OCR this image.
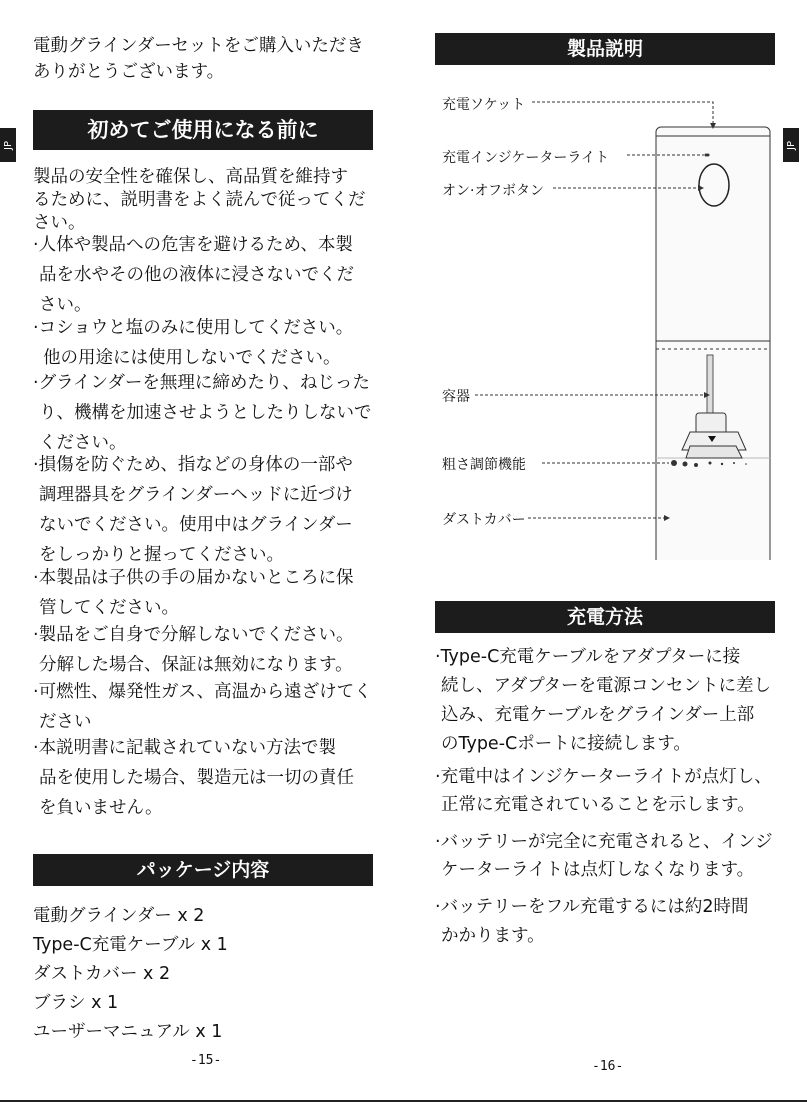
電動グラインダーセットをご購入いただき
ありがとうございます。
JP
初めてご使用になる前に
製品の安全性を確保し、高品質を維持す
るために、説明書をよく読んで従ってくだ
さい。
·人体や製品への危害を避けるため、本製
品を水やその他の液体に浸さないでくだ
さい。
·コショウと塩のみに使用してください。
他の用途には使用しないでください。
·グラインダーを無理に締めたり、ねじった
り、機構を加速させようとしたりしないで
ください。
·損傷を防ぐため、指などの身体の一部や
調理器具をグラインダーヘッドに近づけ
ないでください。使用中はグラインダー
をしっかりと握ってください。
·本製品は子供の手の届かないところに保
管してください。
·製品をご自身で分解しないでください。
分解した場合、保証は無効になります。
·可燃性、爆発性ガス、高温から遠ざけてく
ださい
·本説明書に記載されていない方法で製
品を使用した場合、製造元は一切の責任
を負いません。
パッケージ内容
電動グラインダー x 2
Type-C充電ケーブル x 1
ダストカバー x 2
ブラシ x 1
ユーザーマニュアル x 1
-15-
製品説明
JP
充電ソケット
充電インジケーターライト
オン·オフボタン
容器
粗さ調節機能
ダストカバー
充電方法
·Type-C充電ケーブルをアダプターに接
続し、アダプターを電源コンセントに差し
込み、充電ケーブルをグラインダー上部
のType-Cポートに接続します。
·充電中はインジケーターライトが点灯し、
正常に充電されていることを示します。
·バッテリーが完全に充電されると、インジ
ケーターライトは点灯しなくなります。
·バッテリーをフル充電するには約2時間
かかります。
-16-
